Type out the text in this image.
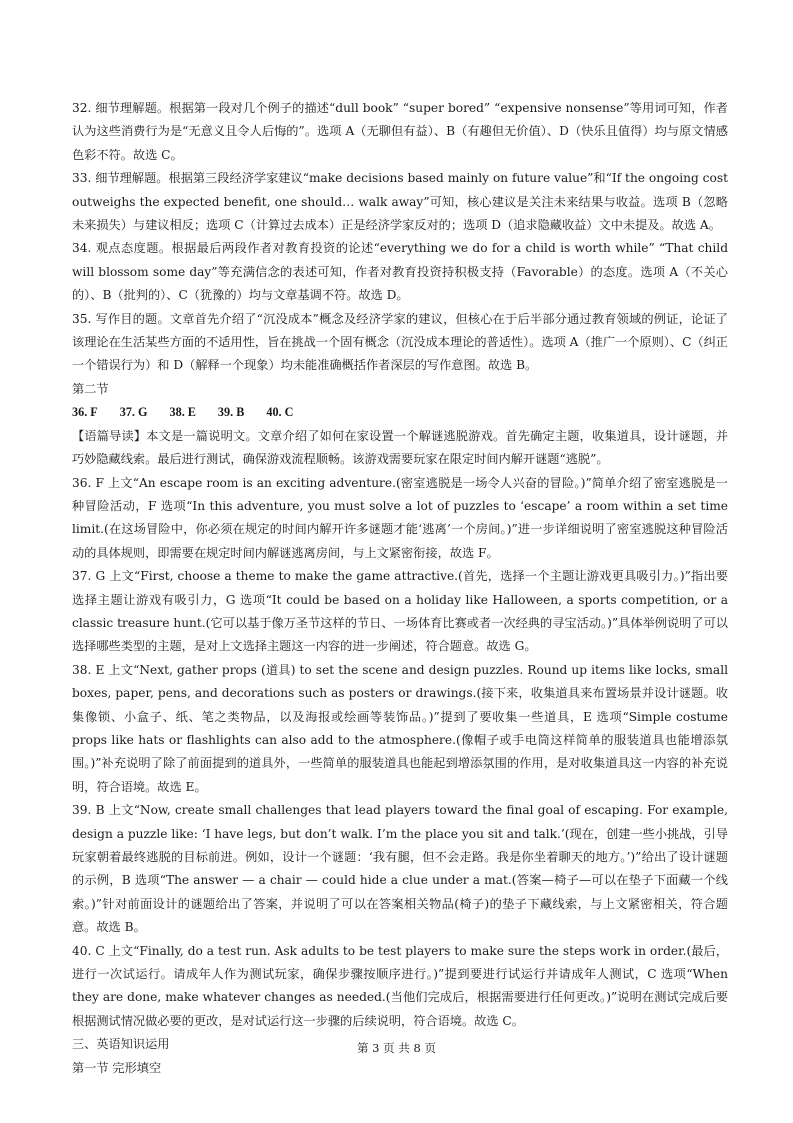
32. 细节理解题。根据第一段对几个例子的描述“dull book” “super bored” “expensive nonsense”等用词可知，作者认为这些消费行为是“无意义且令人后悔的”。选项 A（无聊但有益）、B（有趣但无价值）、D（快乐且值得）均与原文情感色彩不符。故选 C。

33. 细节理解题。根据第三段经济学家建议“make decisions based mainly on future value”和“If the ongoing cost outweighs the expected benefit, one should… walk away”可知，核心建议是关注未来结果与收益。选项 B（忽略未来损失）与建议相反；选项 C（计算过去成本）正是经济学家反对的；选项 D（追求隐藏收益）文中未提及。故选 A。

34. 观点态度题。根据最后两段作者对教育投资的论述“everything we do for a child is worth while” “That child will blossom some day”等充满信念的表述可知，作者对教育投资持积极支持（Favorable）的态度。选项 A（不关心的）、B（批判的）、C（犹豫的）均与文章基调不符。故选 D。

35. 写作目的题。文章首先介绍了“沉没成本”概念及经济学家的建议，但核心在于后半部分通过教育领域的例证，论证了该理论在生活某些方面的不适用性，旨在挑战一个固有概念（沉没成本理论的普适性）。选项 A（推广一个原则）、C（纠正一个错误行为）和 D（解释一个现象）均未能准确概括作者深层的写作意图。故选 B。

第二节

36. F 37. G 38. E 39. B 40. C

【语篇导读】本文是一篇说明文。文章介绍了如何在家设置一个解谜逃脱游戏。首先确定主题，收集道具，设计谜题，并巧妙隐藏线索。最后进行测试，确保游戏流程顺畅。该游戏需要玩家在限定时间内解开谜题“逃脱”。

36. F 上文“An escape room is an exciting adventure.(密室逃脱是一场令人兴奋的冒险。)”简单介绍了密室逃脱是一种冒险活动，F 选项“In this adventure, you must solve a lot of puzzles to ‘escape’ a room within a set time limit.(在这场冒险中，你必须在规定的时间内解开许多谜题才能‘逃离’一个房间。)”进一步详细说明了密室逃脱这种冒险活动的具体规则，即需要在规定时间内解谜逃离房间，与上文紧密衔接，故选 F。

37. G 上文“First, choose a theme to make the game attractive.(首先，选择一个主题让游戏更具吸引力。)”指出要选择主题让游戏有吸引力，G 选项“It could be based on a holiday like Halloween, a sports competition, or a classic treasure hunt.(它可以基于像万圣节这样的节日、一场体育比赛或者一次经典的寻宝活动。)”具体举例说明了可以选择哪些类型的主题，是对上文选择主题这一内容的进一步阐述，符合题意。故选 G。

38. E 上文“Next, gather props (道具) to set the scene and design puzzles. Round up items like locks, small boxes, paper, pens, and decorations such as posters or drawings.(接下来，收集道具来布置场景并设计谜题。收集像锁、小盒子、纸、笔之类物品，以及海报或绘画等装饰品。)”提到了要收集一些道具，E 选项“Simple costume props like hats or flashlights can also add to the atmosphere.(像帽子或手电筒这样简单的服装道具也能增添氛围。)”补充说明了除了前面提到的道具外，一些简单的服装道具也能起到增添氛围的作用，是对收集道具这一内容的补充说明，符合语境。故选 E。

39. B 上文“Now, create small challenges that lead players toward the final goal of escaping. For example, design a puzzle like: ‘I have legs, but don’t walk. I’m the place you sit and talk.’(现在，创建一些小挑战，引导玩家朝着最终逃脱的目标前进。例如，设计一个谜题：‘我有腿，但不会走路。我是你坐着聊天的地方。’)”给出了设计谜题的示例，B 选项“The answer — a chair — could hide a clue under a mat.(答案—椅子—可以在垫子下面藏一个线索。)”针对前面设计的谜题给出了答案，并说明了可以在答案相关物品(椅子)的垫子下藏线索，与上文紧密相关，符合题意。故选 B。

40. C 上文“Finally, do a test run. Ask adults to be test players to make sure the steps work in order.(最后，进行一次试运行。请成年人作为测试玩家，确保步骤按顺序进行。)”提到要进行试运行并请成年人测试，C 选项“When they are done, make whatever changes as needed.(当他们完成后，根据需要进行任何更改。)”说明在测试完成后要根据测试情况做必要的更改，是对试运行这一步骤的后续说明，符合语境。故选 C。

三、英语知识运用

第一节 完形填空

第 3 页 共 8 页
